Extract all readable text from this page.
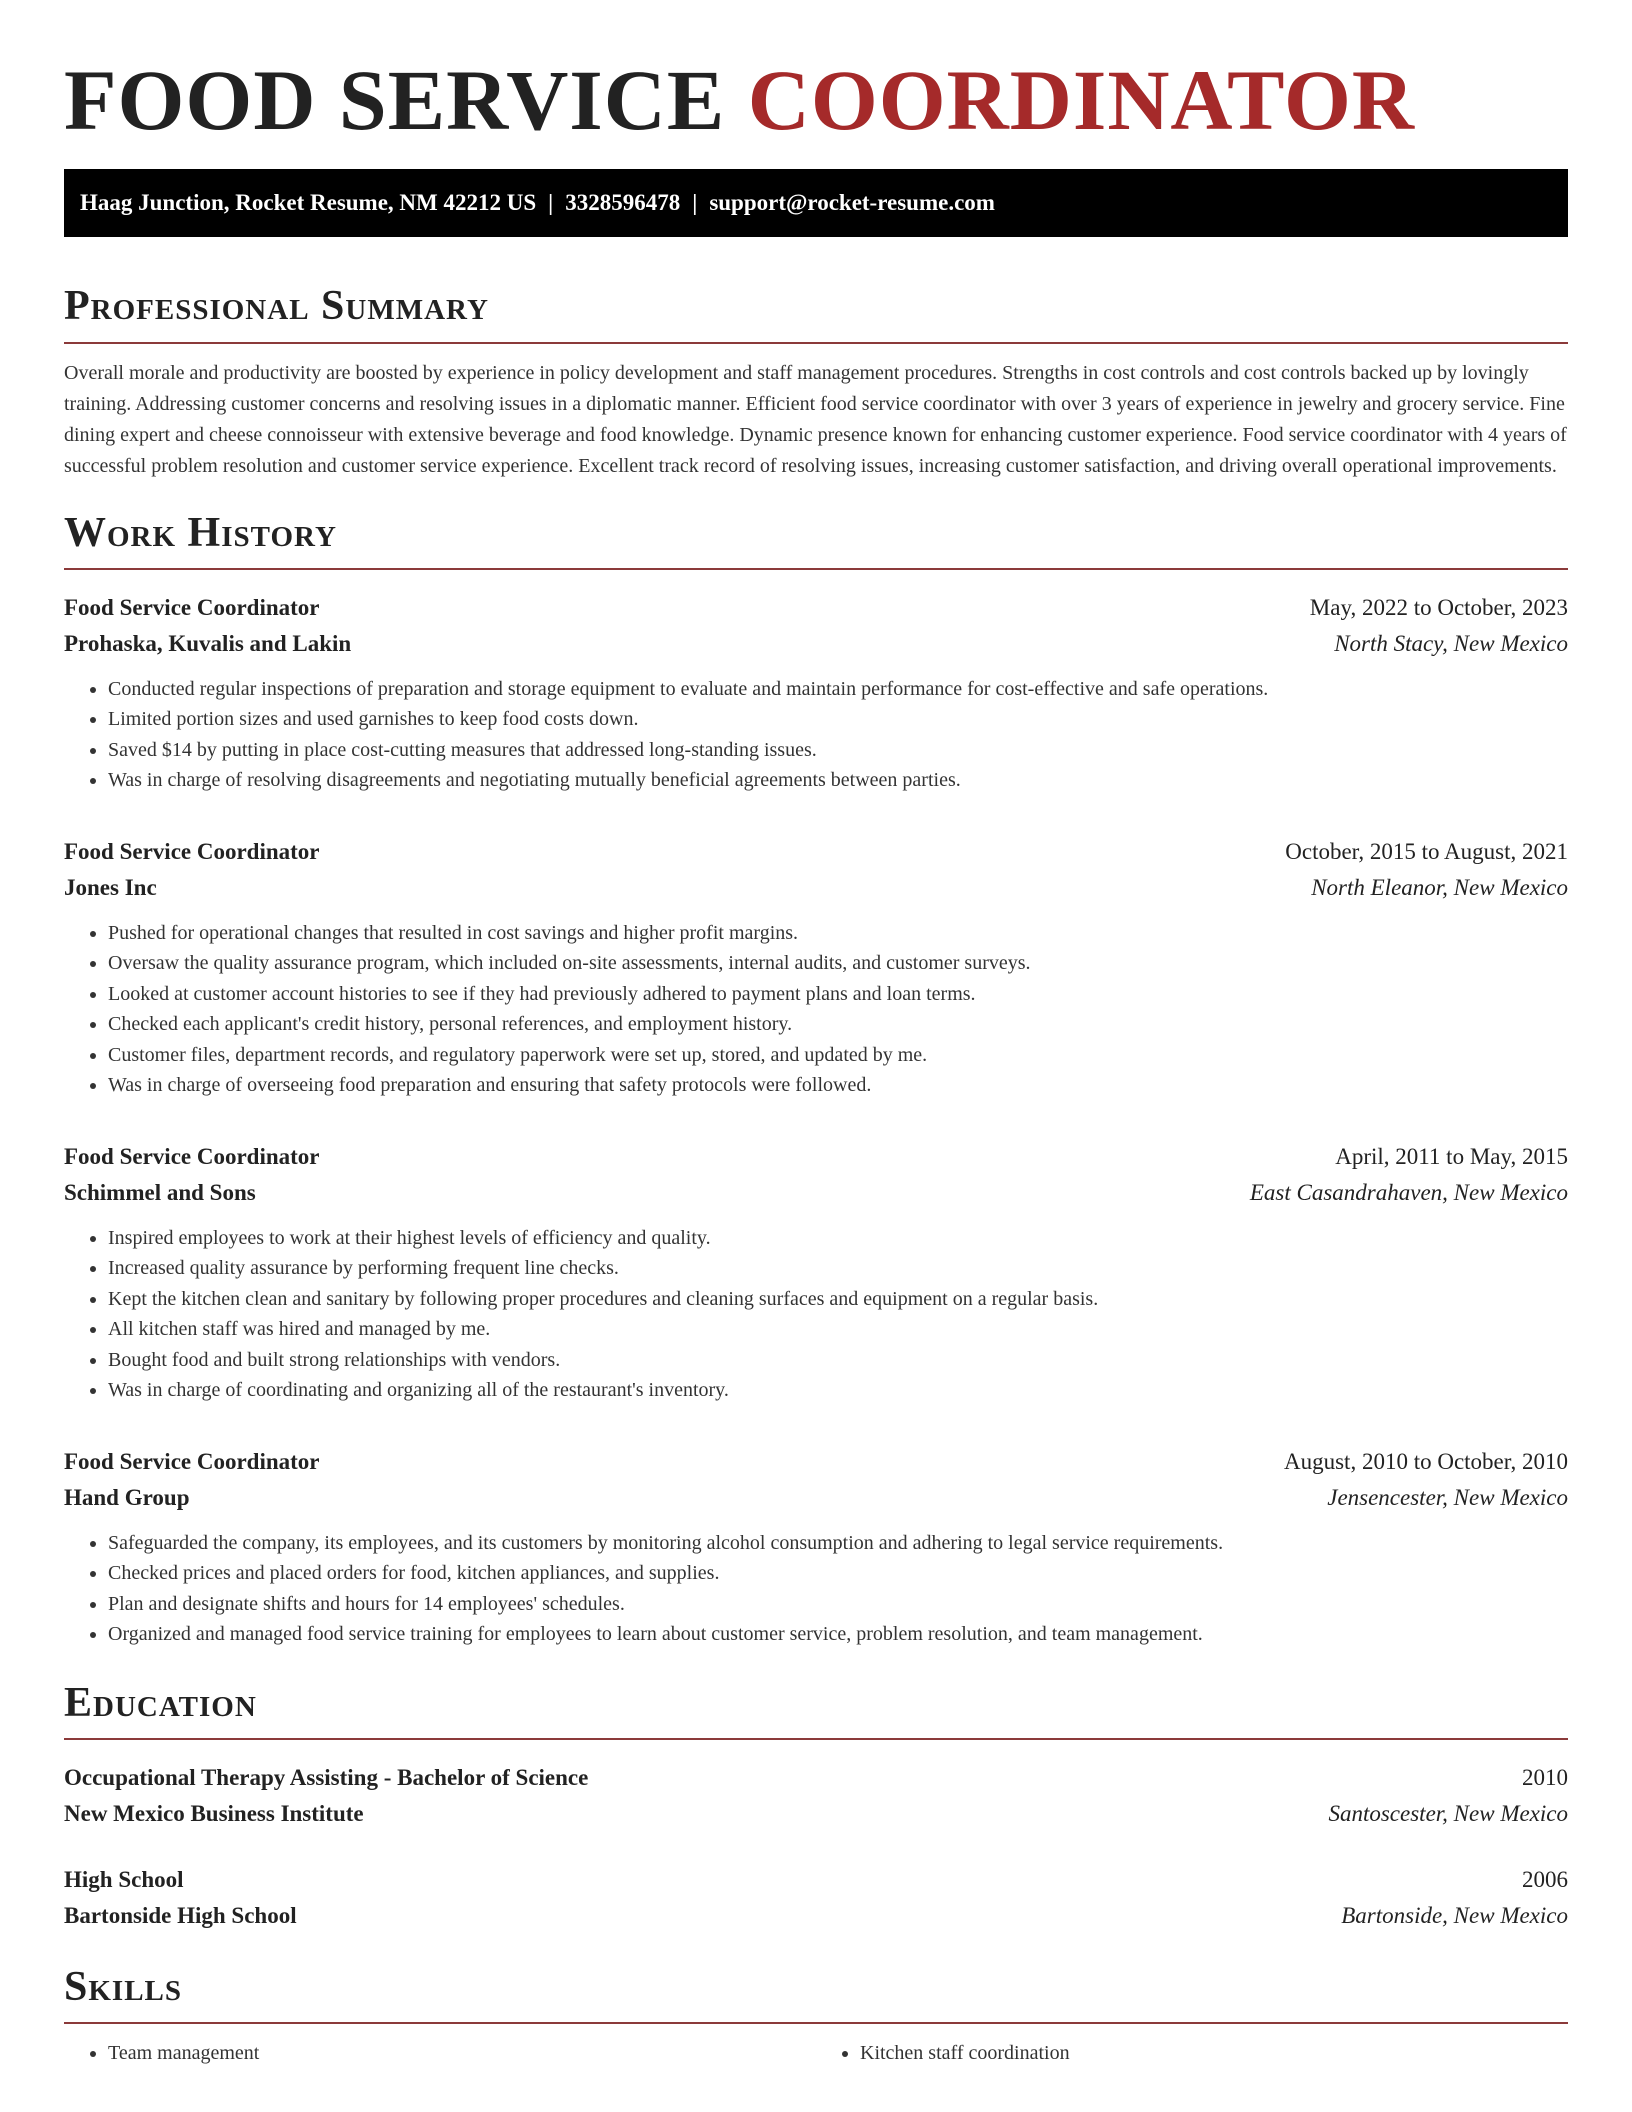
FOOD SERVICE COORDINATOR
Haag Junction, Rocket Resume, NM 42212 US | 3328596478 | support@rocket-resume.com
Professional Summary

Overall morale and productivity are boosted by experience in policy development and staff management procedures. Strengths in cost controls and cost controls backed up by lovingly training. Addressing customer concerns and resolving issues in a diplomatic manner. Efficient food service coordinator with over 3 years of experience in jewelry and grocery service. Fine dining expert and cheese connoisseur with extensive beverage and food knowledge. Dynamic presence known for enhancing customer experience. Food service coordinator with 4 years of successful problem resolution and customer service experience. Excellent track record of resolving issues, increasing customer satisfaction, and driving overall operational improvements.

Work History
Food Service Coordinator	May, 2022 to October, 2023
Prohaska, Kuvalis and Lakin	North Stacy, New Mexico
• Conducted regular inspections of preparation and storage equipment to evaluate and maintain performance for cost-effective and safe operations.
• Limited portion sizes and used garnishes to keep food costs down.
• Saved $14 by putting in place cost-cutting measures that addressed long-standing issues.
• Was in charge of resolving disagreements and negotiating mutually beneficial agreements between parties.
Food Service Coordinator	October, 2015 to August, 2021
Jones Inc	North Eleanor, New Mexico
• Pushed for operational changes that resulted in cost savings and higher profit margins.
• Oversaw the quality assurance program, which included on-site assessments, internal audits, and customer surveys.
• Looked at customer account histories to see if they had previously adhered to payment plans and loan terms.
• Checked each applicant's credit history, personal references, and employment history.
• Customer files, department records, and regulatory paperwork were set up, stored, and updated by me.
• Was in charge of overseeing food preparation and ensuring that safety protocols were followed.
Food Service Coordinator	April, 2011 to May, 2015
Schimmel and Sons	East Casandrahaven, New Mexico
• Inspired employees to work at their highest levels of efficiency and quality.
• Increased quality assurance by performing frequent line checks.
• Kept the kitchen clean and sanitary by following proper procedures and cleaning surfaces and equipment on a regular basis.
• All kitchen staff was hired and managed by me.
• Bought food and built strong relationships with vendors.
• Was in charge of coordinating and organizing all of the restaurant's inventory.
Food Service Coordinator	August, 2010 to October, 2010
Hand Group	Jensencester, New Mexico
• Safeguarded the company, its employees, and its customers by monitoring alcohol consumption and adhering to legal service requirements.
• Checked prices and placed orders for food, kitchen appliances, and supplies.
• Plan and designate shifts and hours for 14 employees' schedules.
• Organized and managed food service training for employees to learn about customer service, problem resolution, and team management.
Education
Occupational Therapy Assisting - Bachelor of Science	2010
New Mexico Business Institute	Santoscester, New Mexico
High School	2006
Bartonside High School	Bartonside, New Mexico
Skills
• Team management
•	Kitchen staff coordination
